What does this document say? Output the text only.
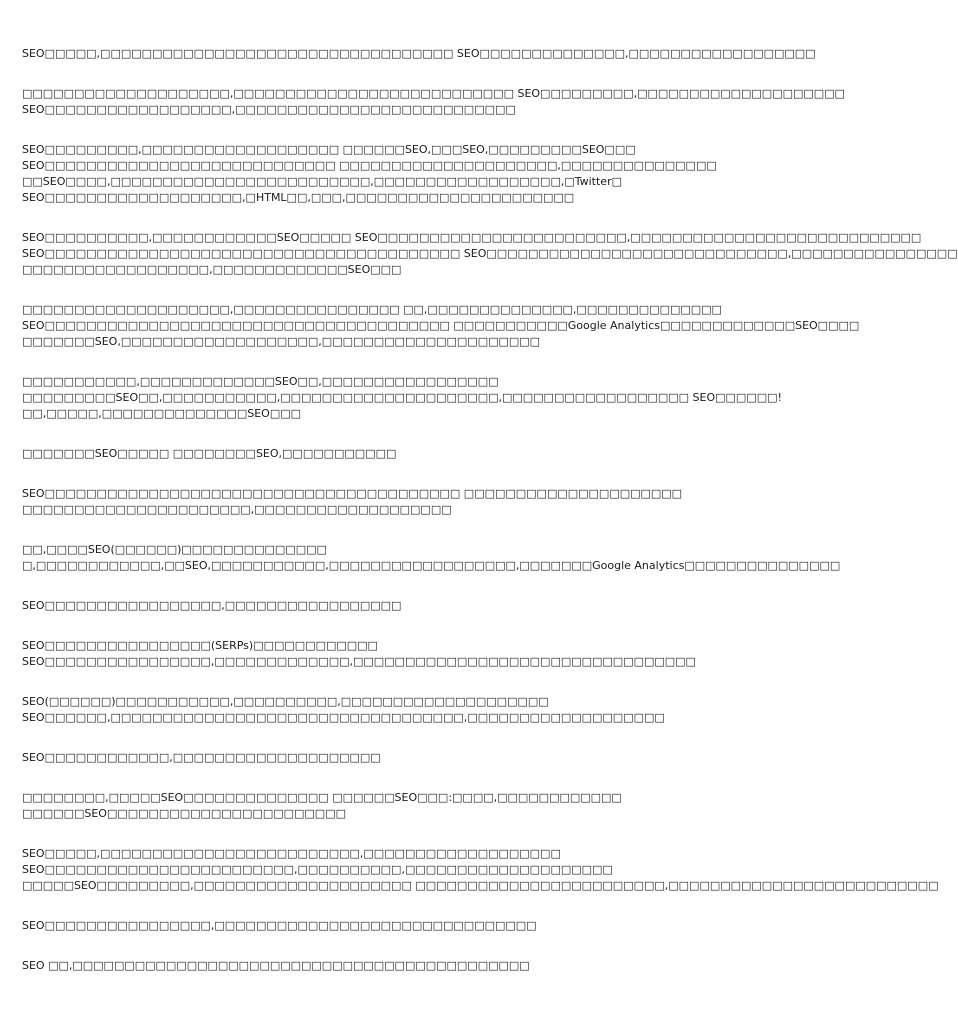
SEO□□□□□,□□□□□□□□□□□□□□□□□□□□□□□□□□□□□□□□□□ SEO□□□□□□□□□□□□□□,□□□□□□□□□□□□□□□□□□
□□□□□□□□□□□□□□□□□□□□,□□□□□□□□□□□□□□□□□□□□□□□□□□□ SEO□□□□□□□□□,□□□□□□□□□□□□□□□□□□□□
SEO□□□□□□□□□□□□□□□□□□,□□□□□□□□□□□□□□□□□□□□□□□□□□□
SEO□□□□□□□□□,□□□□□□□□□□□□□□□□□□□ □□□□□□SEO,□□□SEO,□□□□□□□□□SEO□□□
SEO□□□□□□□□□□□□□□□□□□□□□□□□□□□□ □□□□□□□□□□□□□□□□□□□□□,□□□□□□□□□□□□□□□
□□SEO□□□□,□□□□□□□□□□□□□□□□□□□□□□□□□,□□□□□□□□□□□□□□□□□□,□Twitter□
SEO□□□□□□□□□□□□□□□□□□□,□HTML□□,□□□,□□□□□□□□□□□□□□□□□□□□□□
SEO□□□□□□□□□□,□□□□□□□□□□□□SEO□□□□□ SEO□□□□□□□□□□□□□□□□□□□□□□□□,□□□□□□□□□□□□□□□□□□□□□□□□□□□□
SEO□□□□□□□□□□□□□□□□□□□□□□□□□□□□□□□□□□□□□□□□ SEO□□□□□□□□□□□□□□□□□□□□□□□□□□□□□,□□□□□□□□□□□□□□□□
□□□□□□□□□□□□□□□□□□,□□□□□□□□□□□□□SEO□□□
□□□□□□□□□□□□□□□□□□□□,□□□□□□□□□□□□□□□□ □□,□□□□□□□□□□□□□□,□□□□□□□□□□□□□□
SEO□□□□□□□□□□□□□□□□□□□□□□□□□□□□□□□□□□□□□□□ □□□□□□□□□□□Google Analytics□□□□□□□□□□□□□SEO□□□□
□□□□□□□SEO,□□□□□□□□□□□□□□□□□□□,□□□□□□□□□□□□□□□□□□□□□
□□□□□□□□□□□,□□□□□□□□□□□□□SEO□□,□□□□□□□□□□□□□□□□□
□□□□□□□□□SEO□□,□□□□□□□□□□□,□□□□□□□□□□□□□□□□□□□□□,□□□□□□□□□□□□□□□□□□ SEO□□□□□□!
□□,□□□□□,□□□□□□□□□□□□□□SEO□□□
□□□□□□□SEO□□□□□ □□□□□□□□SEO,□□□□□□□□□□□
SEO□□□□□□□□□□□□□□□□□□□□□□□□□□□□□□□□□□□□□□□□ □□□□□□□□□□□□□□□□□□□□□
□□□□□□□□□□□□□□□□□□□□□□,□□□□□□□□□□□□□□□□□□□
□□,□□□□SEO(□□□□□□)□□□□□□□□□□□□□□
□,□□□□□□□□□□□□,□□SEO,□□□□□□□□□□□,□□□□□□□□□□□□□□□□□□,□□□□□□□Google Analytics□□□□□□□□□□□□□□□
SEO□□□□□□□□□□□□□□□□□,□□□□□□□□□□□□□□□□□
SEO□□□□□□□□□□□□□□□□(SERPs)□□□□□□□□□□□□
SEO□□□□□□□□□□□□□□□□,□□□□□□□□□□□□□,□□□□□□□□□□□□□□□□□□□□□□□□□□□□□□□□□
SEO(□□□□□□)□□□□□□□□□□□,□□□□□□□□□□,□□□□□□□□□□□□□□□□□□□□
SEO□□□□□□,□□□□□□□□□□□□□□□□□□□□□□□□□□□□□□□□□□,□□□□□□□□□□□□□□□□□□□
SEO□□□□□□□□□□□□,□□□□□□□□□□□□□□□□□□□□
□□□□□□□□,□□□□□SEO□□□□□□□□□□□□□□ □□□□□□SEO□□□:□□□□,□□□□□□□□□□□□
□□□□□□SEO□□□□□□□□□□□□□□□□□□□□□□□
SEO□□□□□,□□□□□□□□□□□□□□□□□□□□□□□□□,□□□□□□□□□□□□□□□□□□□
SEO□□□□□□□□□□□□□□□□□□□□□□□□,□□□□□□□□□□,□□□□□□□□□□□□□□□□□□□□
□□□□□SEO□□□□□□□□□,□□□□□□□□□□□□□□□□□□□□□ □□□□□□□□□□□□□□□□□□□□□□□□,□□□□□□□□□□□□□□□□□□□□□□□□□□
SEO□□□□□□□□□□□□□□□□,□□□□□□□□□□□□□□□□□□□□□□□□□□□□□□□
SEO □□,□□□□□□□□□□□□□□□□□□□□□□□□□□□□□□□□□□□□□□□□□□□□
